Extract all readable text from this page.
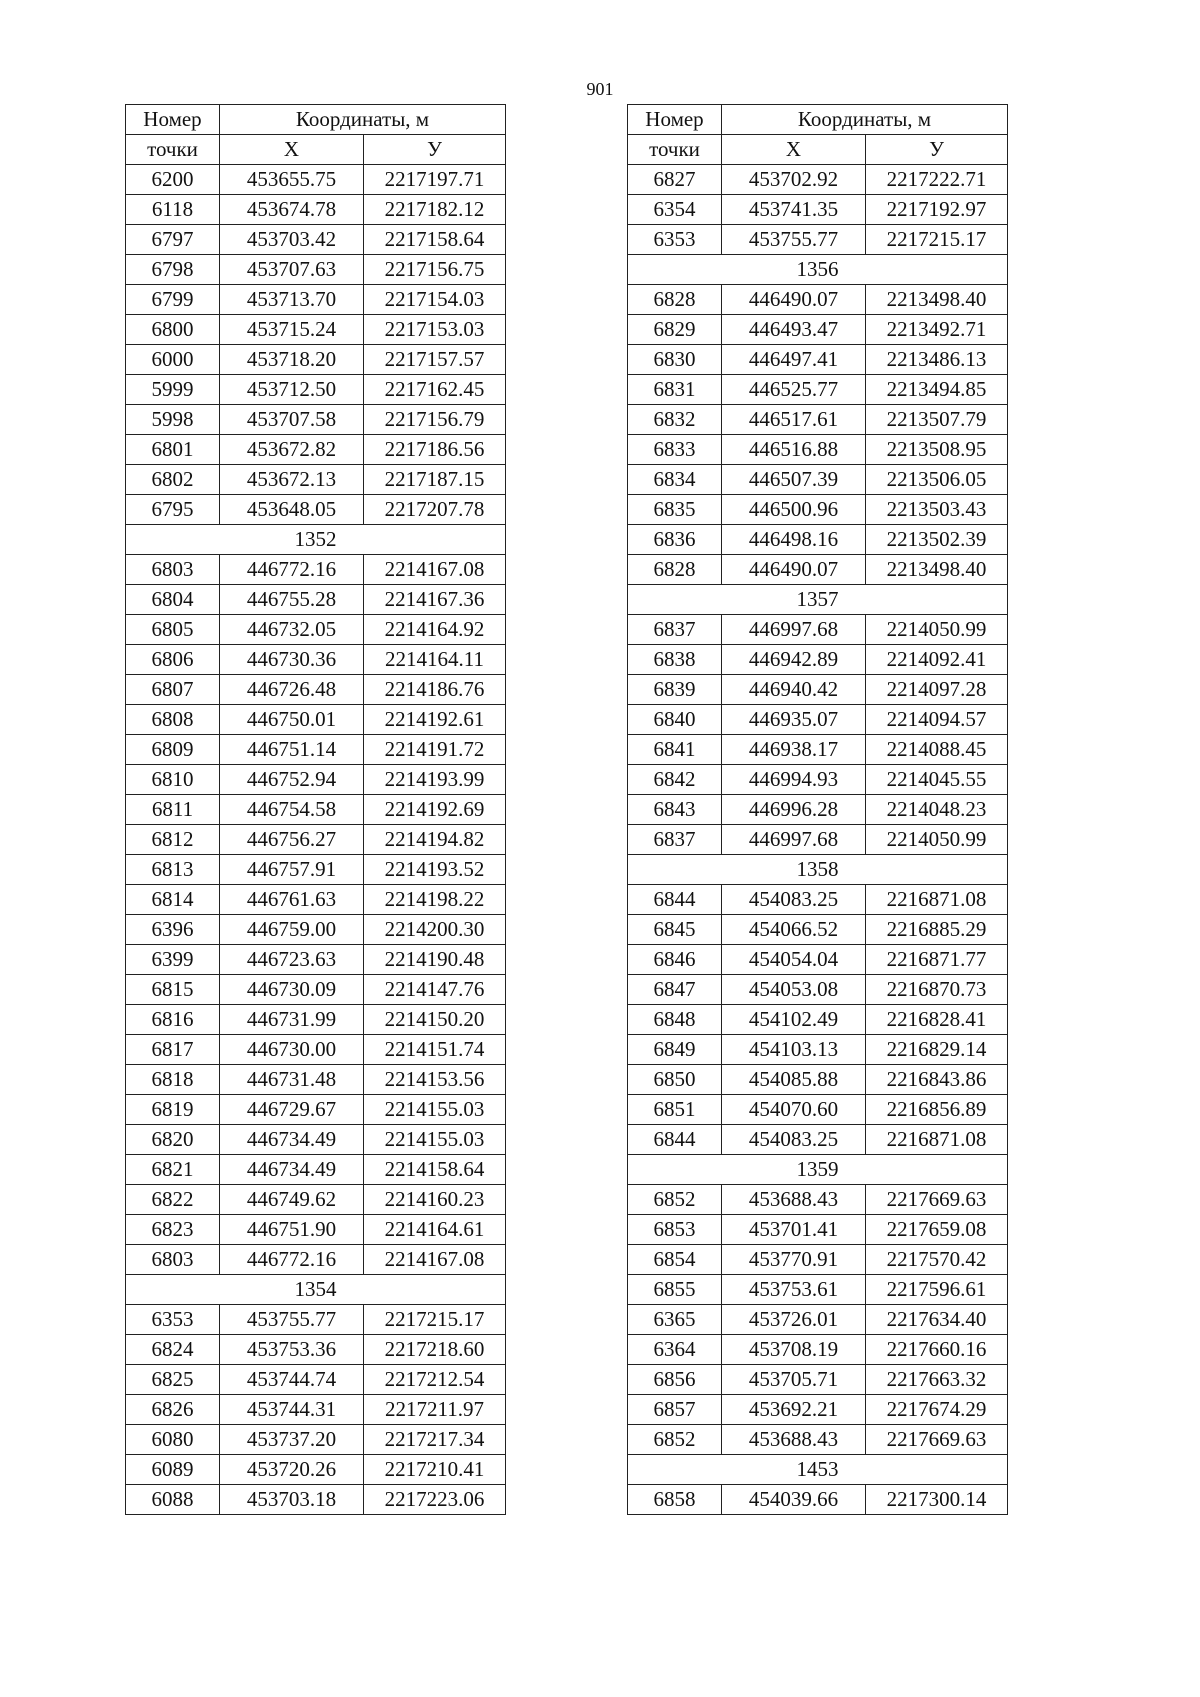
901
Номер	Координаты, м	
точки	X	У
6200	453655.75	2217197.71
6118	453674.78	2217182.12
6797	453703.42	2217158.64
6798	453707.63	2217156.75
6799	453713.70	2217154.03
6800	453715.24	2217153.03
6000	453718.20	2217157.57
5999	453712.50	2217162.45
5998	453707.58	2217156.79
6801	453672.82	2217186.56
6802	453672.13	2217187.15
6795	453648.05	2217207.78
1352		
6803	446772.16	2214167.08
6804	446755.28	2214167.36
6805	446732.05	2214164.92
6806	446730.36	2214164.11
6807	446726.48	2214186.76
6808	446750.01	2214192.61
6809	446751.14	2214191.72
6810	446752.94	2214193.99
6811	446754.58	2214192.69
6812	446756.27	2214194.82
6813	446757.91	2214193.52
6814	446761.63	2214198.22
6396	446759.00	2214200.30
6399	446723.63	2214190.48
6815	446730.09	2214147.76
6816	446731.99	2214150.20
6817	446730.00	2214151.74
6818	446731.48	2214153.56
6819	446729.67	2214155.03
6820	446734.49	2214155.03
6821	446734.49	2214158.64
6822	446749.62	2214160.23
6823	446751.90	2214164.61
6803	446772.16	2214167.08
1354		
6353	453755.77	2217215.17
6824	453753.36	2217218.60
6825	453744.74	2217212.54
6826	453744.31	2217211.97
6080	453737.20	2217217.34
6089	453720.26	2217210.41
6088	453703.18	2217223.06
Номер	Координаты, м	
точки	X	У
6827	453702.92	2217222.71
6354	453741.35	2217192.97
6353	453755.77	2217215.17
1356		
6828	446490.07	2213498.40
6829	446493.47	2213492.71
6830	446497.41	2213486.13
6831	446525.77	2213494.85
6832	446517.61	2213507.79
6833	446516.88	2213508.95
6834	446507.39	2213506.05
6835	446500.96	2213503.43
6836	446498.16	2213502.39
6828	446490.07	2213498.40
1357		
6837	446997.68	2214050.99
6838	446942.89	2214092.41
6839	446940.42	2214097.28
6840	446935.07	2214094.57
6841	446938.17	2214088.45
6842	446994.93	2214045.55
6843	446996.28	2214048.23
6837	446997.68	2214050.99
1358		
6844	454083.25	2216871.08
6845	454066.52	2216885.29
6846	454054.04	2216871.77
6847	454053.08	2216870.73
6848	454102.49	2216828.41
6849	454103.13	2216829.14
6850	454085.88	2216843.86
6851	454070.60	2216856.89
6844	454083.25	2216871.08
1359		
6852	453688.43	2217669.63
6853	453701.41	2217659.08
6854	453770.91	2217570.42
6855	453753.61	2217596.61
6365	453726.01	2217634.40
6364	453708.19	2217660.16
6856	453705.71	2217663.32
6857	453692.21	2217674.29
6852	453688.43	2217669.63
1453		
6858	454039.66	2217300.14
